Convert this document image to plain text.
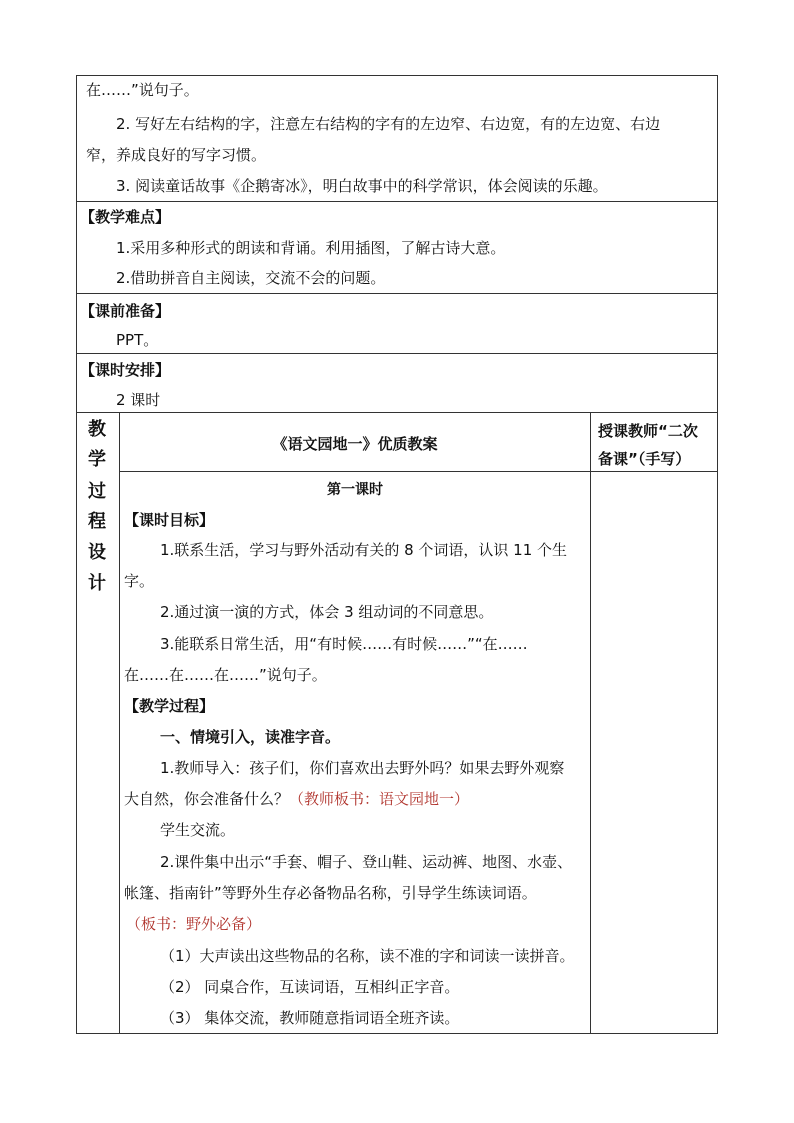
在……”说句子。
2. 写好左右结构的字，注意左右结构的字有的左边窄、右边宽，有的左边宽、右边
窄，养成良好的写字习惯。
3. 阅读童话故事《企鹅寄冰》，明白故事中的科学常识，体会阅读的乐趣。
【教学难点】
1.采用多种形式的朗读和背诵。利用插图，了解古诗大意。
2.借助拼音自主阅读，交流不会的问题。
【课前准备】
PPT。
【课时安排】
2 课时
教
学
过
程
设
计
《语文园地一》优质教案
授课教师“二次
备课”（手写）
第一课时
【课时目标】
1.联系生活，学习与野外活动有关的 8 个词语，认识 11 个生
字。
2.通过演一演的方式，体会 3 组动词的不同意思。
3.能联系日常生活，用“有时候……有时候……”“在……
在……在……在……”说句子。
【教学过程】
一、情境引入，读准字音。
1.教师导入：孩子们，你们喜欢出去野外吗？如果去野外观察
大自然，你会准备什么？（教师板书：语文园地一）
学生交流。
2.课件集中出示“手套、帽子、登山鞋、运动裤、地图、水壶、
帐篷、指南针”等野外生存必备物品名称，引导学生练读词语。
（板书：野外必备）
（1）大声读出这些物品的名称，读不准的字和词读一读拼音。
（2） 同桌合作，互读词语，互相纠正字音。
（3） 集体交流，教师随意指词语全班齐读。
